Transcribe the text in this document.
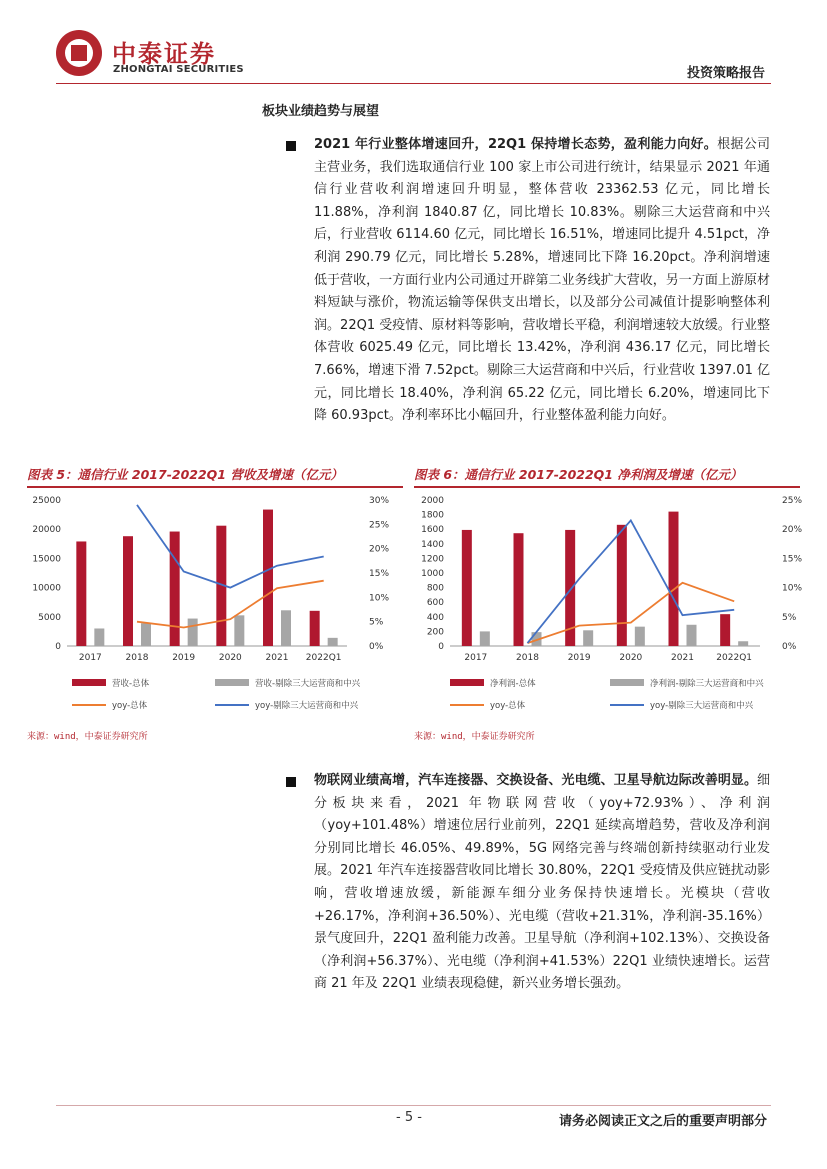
中泰证券
ZHONGTAI SECURITIES	投资策略报告
板块业绩趋势与展望
2021 年行业整体增速回升，22Q1 保持增长态势，盈利能力向好。根据公司主营业务，我们选取通信行业 100 家上市公司进行统计，结果显示 2021 年通信行业营收利润增速回升明显，整体营收 23362.53 亿元，同比增长 11.88%，净利润 1840.87 亿，同比增长 10.83%。剔除三大运营商和中兴后，行业营收 6114.60 亿元，同比增长 16.51%，增速同比提升 4.51pct，净利润 290.79 亿元，同比增长 5.28%，增速同比下降 16.20pct。净利润增速低于营收，一方面行业内公司通过开辟第二业务线扩大营收，另一方面上游原材料短缺与涨价，物流运输等保供支出增长，以及部分公司减值计提影响整体利润。22Q1 受疫情、原材料等影响，营收增长平稳，利润增速较大放缓。行业整体营收 6025.49 亿元，同比增长 13.42%，净利润 436.17 亿元，同比增长 7.66%，增速下滑 7.52pct。剔除三大运营商和中兴后，行业营收 1397.01 亿元，同比增长 18.40%，净利润 65.22 亿元，同比增长 6.20%，增速同比下降 60.93pct。净利率环比小幅回升，行业整体盈利能力向好。
图表 5：通信行业 2017-2022Q1 营收及增速（亿元）	图表 6：通信行业 2017-2022Q1 净利润及增速（亿元）
0
5000
10000
15000
20000
25000
0%
5%
10%
15%
20%
25%
30%
2017	2018	2019	2020	2021 2022Q1
营收-总体	营收-剔除三大运营商和中兴
yoy-总体	yoy-剔除三大运营商和中兴
0
200
400
600
800
1000
1200
1400
1600
1800
2000
0%
5%
10%
15%
20%
25%
2017	2018	2019	2020	2021 2022Q1
净利润-总体	净利润-剔除三大运营商和中兴
yoy-总体	yoy-剔除三大运营商和中兴
来源：wind，中泰证券研究所	来源：wind，中泰证券研究所
物联网业绩高增，汽车连接器、交换设备、光电缆、卫星导航边际改善明显。细分板块来看，2021 年物联网营收（yoy+72.93%）、净利润（yoy+101.48%）增速位居行业前列，22Q1 延续高增趋势，营收及净利润分别同比增长 46.05%、49.89%，5G 网络完善与终端创新持续驱动行业发展。2021 年汽车连接器营收同比增长 30.80%，22Q1 受疫情及供应链扰动影响，营收增速放缓，新能源车细分业务保持快速增长。光模块（营收+26.17%，净利润+36.50%）、光电缆（营收+21.31%，净利润-35.16%）景气度回升，22Q1 盈利能力改善。卫星导航（净利润+102.13%）、交换设备（净利润+56.37%）、光电缆（净利润+41.53%）22Q1 业绩快速增长。运营商 21 年及 22Q1 业绩表现稳健，新兴业务增长强劲。
- 5 -	请务必阅读正文之后的重要声明部分
